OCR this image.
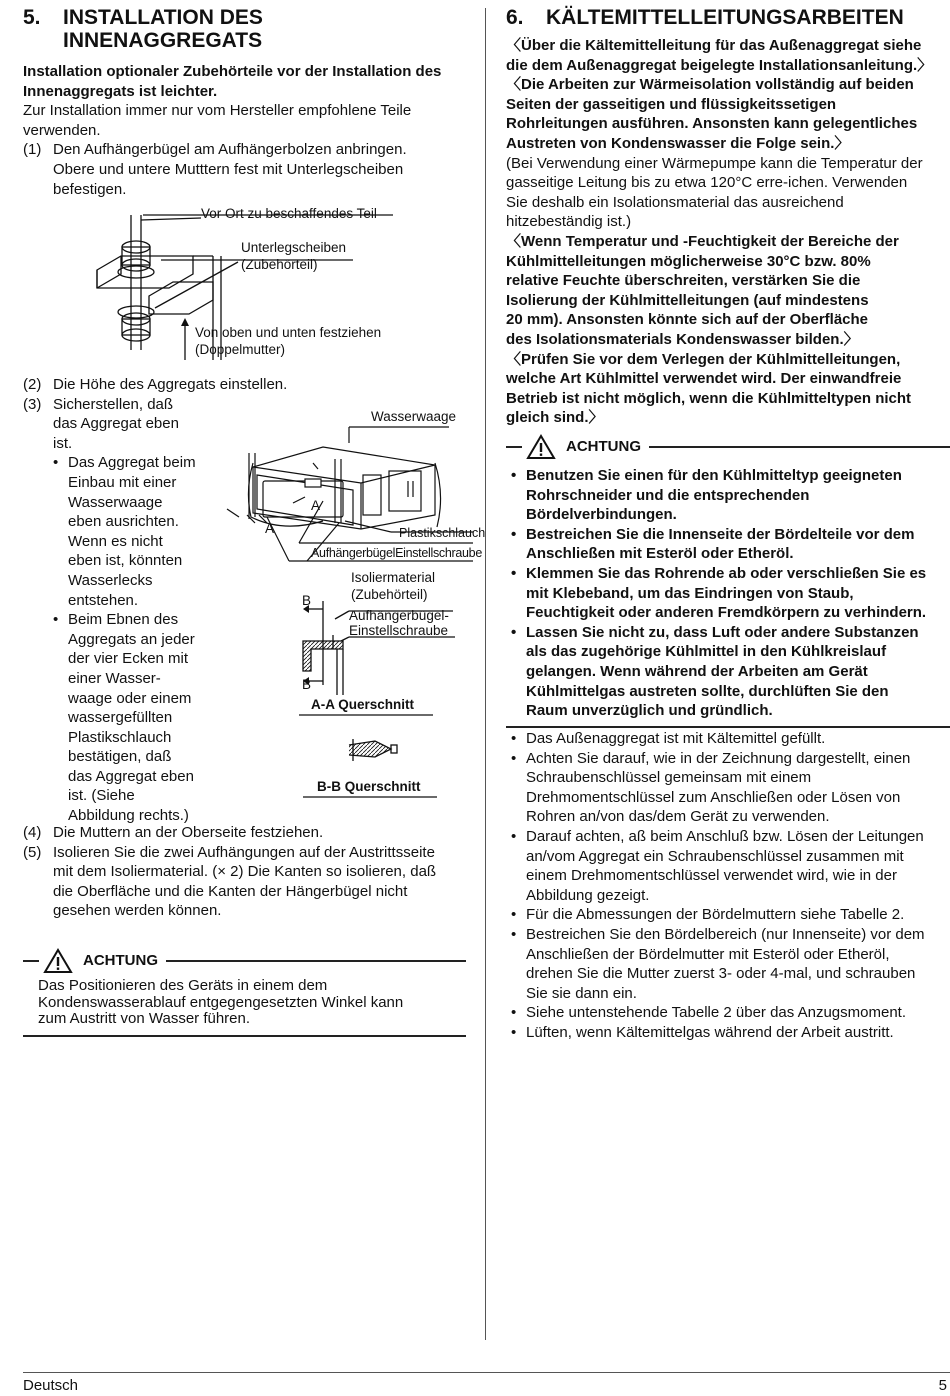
5.	INSTALLATION DES
INNENAGGREGATS

Installation optionaler Zubehörteile vor der Installation des

Innenaggregats ist leichter.

Zur Installation immer nur vom Hersteller empfohlene Teile

verwenden.

(1) Den Aufhängerbügel am Aufhängerbolzen anbringen.
Obere und untere Mutttern fest mit Unterlegscheiben
befestigen.
Vor Ort zu beschaffendes Teil
Unterlegscheiben
(Zubehörteil)
Von oben und unten festziehen
(Doppelmutter)
(2) Die Höhe des Aggregats einstellen.
(3) Sicherstellen, daß
das Aggregat eben
ist.
• Das Aggregat beim
Einbau mit einer
Wasserwaage
eben ausrichten.
Wenn es nicht
eben ist, könnten
Wasserlecks
entstehen.
• Beim Ebnen des
Aggregats an jeder
der vier Ecken mit
einer Wasser-
waage oder einem
wassergefüllten
Plastikschlauch
bestätigen, daß
das Aggregat eben
ist. (Siehe
Abbildung rechts.)
Wasserwaage
A
A	Plastikschlauch
AufhängerbügelEinstellschraube
Isoliermaterial
(Zubehörteil)
B
B
Aufhängerbügel-
Einstellschraube
A-A Querschnitt
B-B Querschnitt
(4) Die Muttern an der Oberseite festziehen.
(5) Isolieren Sie die zwei Aufhängungen auf der Austrittsseite
mit dem Isoliermaterial. (× 2) Die Kanten so isolieren, daß
die Oberfläche und die Kanten der Hängerbügel nicht
gesehen werden können.
ACHTUNG

Das Positionieren des Geräts in einem dem

Kondenswasserablauf entgegengesetzten Winkel kann

zum Austritt von Wasser führen.

6.	KÄLTEMITTELLEITUNGSARBEITEN
〈Über die Kältemittelleitung für das Außenaggregat siehe
die dem Außenaggregat beigelegte Installationsanleitung.〉
〈Die Arbeiten zur Wärmeisolation vollständig auf beiden
Seiten der gasseitigen und flüssigkeitssetigen
Rohrleitungen ausführen. Ansonsten kann gelegentliches
Austreten von Kondenswasser die Folge sein.〉
(Bei Verwendung einer Wärmepumpe kann die Temperatur der
gasseitige Leitung bis zu etwa 120°C erre-ichen. Verwenden
Sie deshalb ein Isolationsmaterial das ausreichend
hitzebeständig ist.)
〈Wenn Temperatur und -Feuchtigkeit der Bereiche der
Kühlmittelleitungen möglicherweise 30°C bzw. 80%
relative Feuchte überschreiten, verstärken Sie die
Isolierung der Kühlmittelleitungen (auf mindestens
20 mm). Ansonsten könnte sich auf der Oberfläche
des Isolationsmaterials Kondenswasser bilden.〉
〈Prüfen Sie vor dem Verlegen der Kühlmittelleitungen,
welche Art Kühlmittel verwendet wird. Der einwandfreie
Betrieb ist nicht möglich, wenn die Kühlmitteltypen nicht
gleich sind.〉
ACHTUNG
• Benutzen Sie einen für den Kühlmitteltyp geeigneten
Rohrschneider und die entsprechenden
Bördelverbindungen.
• Bestreichen Sie die Innenseite der Bördelteile vor dem
Anschließen mit Esteröl oder Etheröl.
• Klemmen Sie das Rohrende ab oder verschließen Sie es
mit Klebeband, um das Eindringen von Staub,
Feuchtigkeit oder anderen Fremdkörpern zu verhindern.
• Lassen Sie nicht zu, dass Luft oder andere Substanzen
als das zugehörige Kühlmittel in den Kühlkreislauf
gelangen. Wenn während der Arbeiten am Gerät
Kühlmittelgas austreten sollte, durchlüften Sie den
Raum unverzüglich und gründlich.
• Das Außenaggregat ist mit Kältemittel gefüllt.
• Achten Sie darauf, wie in der Zeichnung dargestellt, einen
Schraubenschlüssel gemeinsam mit einem
Drehmomentschlüssel zum Anschließen oder Lösen von
Rohren an/von das/dem Gerät zu verwenden.
• Darauf achten, aß beim Anschluß bzw. Lösen der Leitungen
an/vom Aggregat ein Schraubenschlüssel zusammen mit
einem Drehmomentschlüssel verwendet wird, wie in der
Abbildung gezeigt.
• Für die Abmessungen der Bördelmuttern siehe Tabelle 2.
• Bestreichen Sie den Bördelbereich (nur Innenseite) vor dem
Anschließen der Bördelmutter mit Esteröl oder Etheröl,
drehen Sie die Mutter zuerst 3- oder 4-mal, und schrauben
Sie sie dann ein.
• Siehe untenstehende Tabelle 2 über das Anzugsmoment.
• Lüften, wenn Kältemittelgas während der Arbeit austritt.
Deutsch	5
